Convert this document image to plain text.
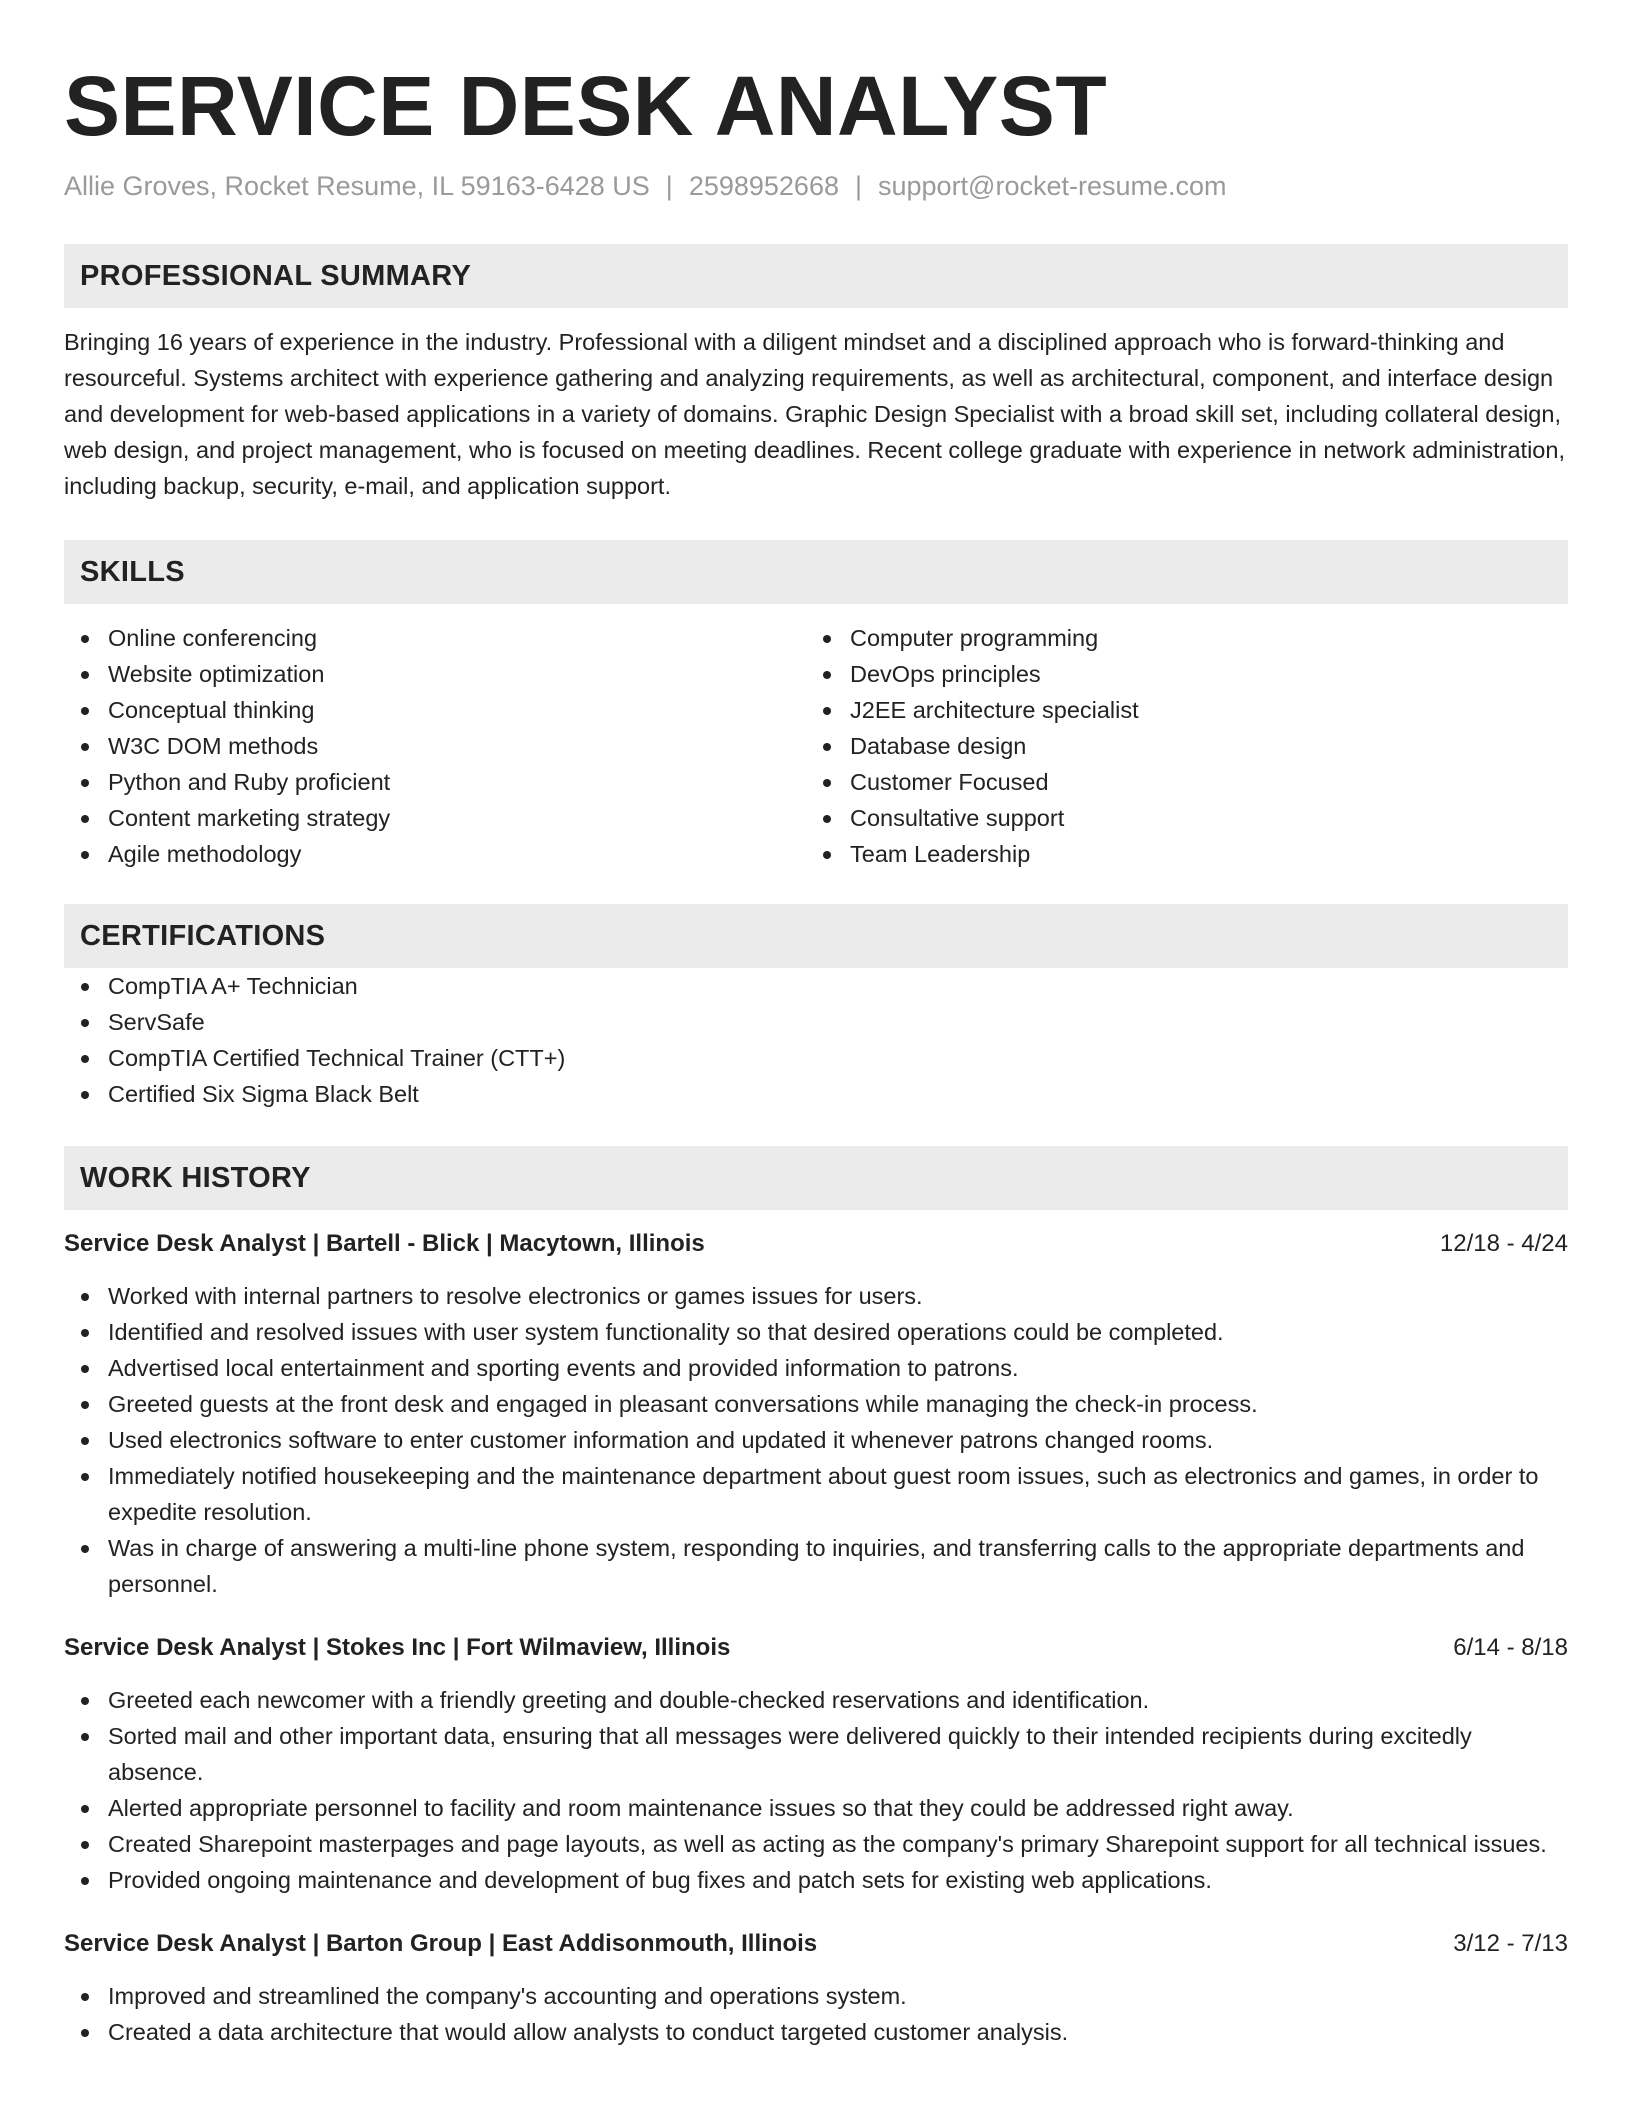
SERVICE DESK ANALYST
Allie Groves, Rocket Resume, IL 59163-6428 US | 2598952668 | support@rocket-resume.com
PROFESSIONAL SUMMARY
Bringing 16 years of experience in the industry. Professional with a diligent mindset and a disciplined approach who is forward-thinking and resourceful. Systems architect with experience gathering and analyzing requirements, as well as architectural, component, and interface design and development for web-based applications in a variety of domains. Graphic Design Specialist with a broad skill set, including collateral design, web design, and project management, who is focused on meeting deadlines. Recent college graduate with experience in network administration, including backup, security, e-mail, and application support.
SKILLS
Online conferencing
Website optimization
Conceptual thinking
W3C DOM methods
Python and Ruby proficient
Content marketing strategy
Agile methodology
Computer programming
DevOps principles
J2EE architecture specialist
Database design
Customer Focused
Consultative support
Team Leadership
CERTIFICATIONS
CompTIA A+ Technician
ServSafe
CompTIA Certified Technical Trainer (CTT+)
Certified Six Sigma Black Belt
WORK HISTORY
Service Desk Analyst | Bartell - Blick | Macytown, Illinois	12/18 - 4/24
Worked with internal partners to resolve electronics or games issues for users.
Identified and resolved issues with user system functionality so that desired operations could be completed.
Advertised local entertainment and sporting events and provided information to patrons.
Greeted guests at the front desk and engaged in pleasant conversations while managing the check-in process.
Used electronics software to enter customer information and updated it whenever patrons changed rooms.
Immediately notified housekeeping and the maintenance department about guest room issues, such as electronics and games, in order to expedite resolution.
Was in charge of answering a multi-line phone system, responding to inquiries, and transferring calls to the appropriate departments and personnel.
Service Desk Analyst | Stokes Inc | Fort Wilmaview, Illinois	6/14 - 8/18
Greeted each newcomer with a friendly greeting and double-checked reservations and identification.
Sorted mail and other important data, ensuring that all messages were delivered quickly to their intended recipients during excitedly absence.
Alerted appropriate personnel to facility and room maintenance issues so that they could be addressed right away.
Created Sharepoint masterpages and page layouts, as well as acting as the company's primary Sharepoint support for all technical issues.
Provided ongoing maintenance and development of bug fixes and patch sets for existing web applications.
Service Desk Analyst | Barton Group | East Addisonmouth, Illinois	3/12 - 7/13
Improved and streamlined the company's accounting and operations system.
Created a data architecture that would allow analysts to conduct targeted customer analysis.
